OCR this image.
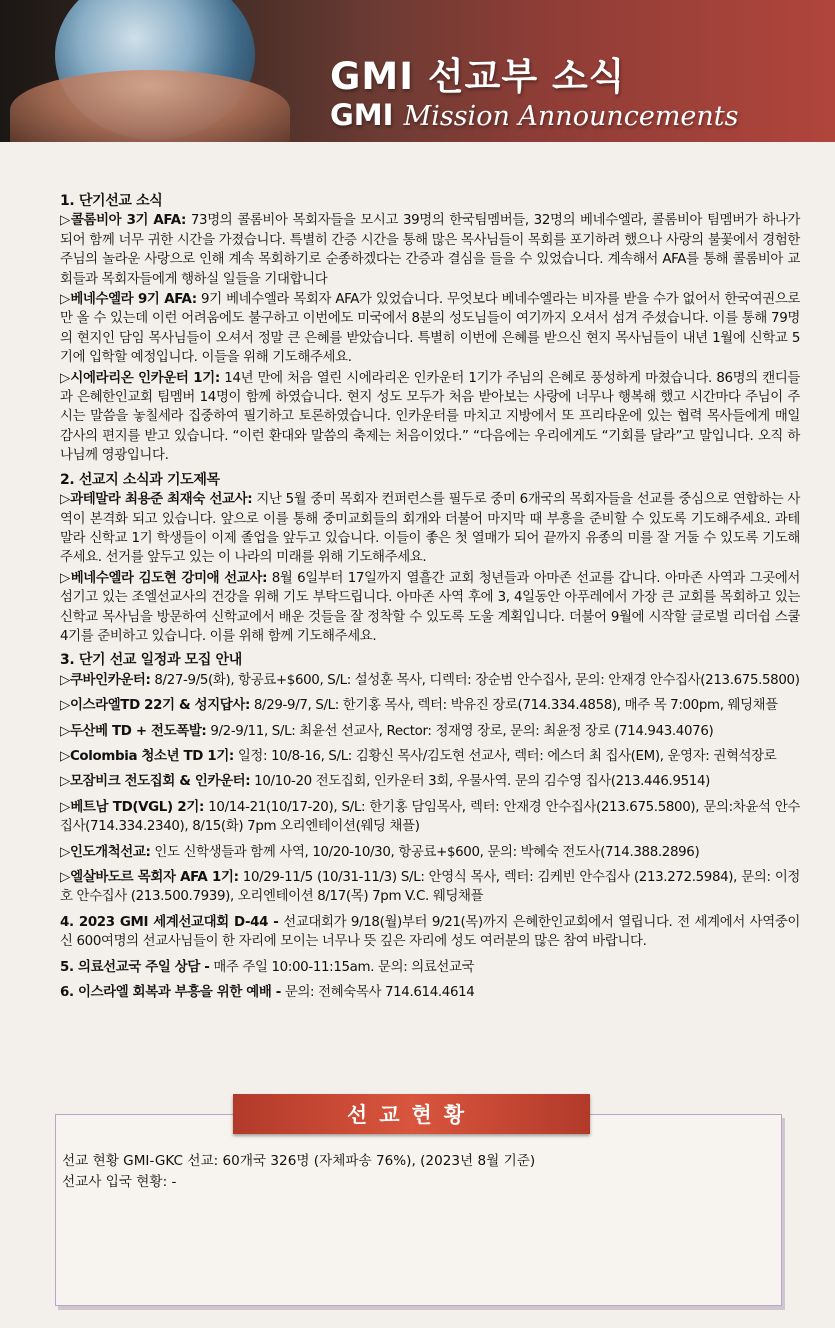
GMI 선교부 소식
GMI Mission Announcements

1. 단기선교 소식

▷콜롬비아 3기 AFA: 73명의 콜롬비아 목회자들을 모시고 39명의 한국팀멤버들, 32명의 베네수엘라, 콜롬비아 팀멤버가 하나가 되어 함께 너무 귀한 시간을 가졌습니다. 특별히 간증 시간을 통해 많은 목사님들이 목회를 포기하려 했으나 사랑의 불꽃에서 경험한 주님의 놀라운 사랑으로 인해 계속 목회하기로 순종하겠다는 간증과 결심을 들을 수 있었습니다. 계속해서 AFA를 통해 콜롬비아 교회들과 목회자들에게 행하실 일들을 기대합니다

▷베네수엘라 9기 AFA: 9기 베네수엘라 목회자 AFA가 있었습니다. 무엇보다 베네수엘라는 비자를 받을 수가 없어서 한국여권으로만 올 수 있는데 이런 어려움에도 불구하고 이번에도 미국에서 8분의 성도님들이 여기까지 오셔서 섬겨 주셨습니다. 이를 통해 79명의 현지인 담임 목사님들이 오셔서 정말 큰 은혜를 받았습니다. 특별히 이번에 은혜를 받으신 현지 목사님들이 내년 1월에 신학교 5기에 입학할 예정입니다. 이들을 위해 기도해주세요.

▷시에라리온 인카운터 1기: 14년 만에 처음 열린 시에라리온 인카운터 1기가 주님의 은혜로 풍성하게 마쳤습니다. 86명의 캔디들과 은혜한인교회 팀멤버 14명이 함께 하였습니다. 현지 성도 모두가 처음 받아보는 사랑에 너무나 행복해 했고 시간마다 주님이 주시는 말씀을 놓칠세라 집중하여 필기하고 토론하였습니다. 인카운터를 마치고 지방에서 또 프리타운에 있는 협력 목사들에게 매일 감사의 편지를 받고 있습니다. “이런 환대와 말씀의 축제는 처음이었다.” “다음에는 우리에게도 “기회를 달라”고 말입니다. 오직 하나님께 영광입니다.

2. 선교지 소식과 기도제목

▷과테말라 최용준 최재숙 선교사: 지난 5월 중미 목회자 컨퍼런스를 필두로 중미 6개국의 목회자들을 선교를 중심으로 연합하는 사역이 본격화 되고 있습니다. 앞으로 이를 통해 중미교회들의 회개와 더불어 마지막 때 부흥을 준비할 수 있도록 기도해주세요. 과테말라 신학교 1기 학생들이 이제 졸업을 앞두고 있습니다. 이들이 좋은 첫 열매가 되어 끝까지 유종의 미를 잘 거둘 수 있도록 기도해 주세요. 선거를 앞두고 있는 이 나라의 미래를 위해 기도해주세요.

▷베네수엘라 김도현 강미애 선교사: 8월 6일부터 17일까지 열흘간 교회 청년들과 아마존 선교를 갑니다. 아마존 사역과 그곳에서 섬기고 있는 조엘선교사의 건강을 위해 기도 부탁드립니다. 아마존 사역 후에 3, 4일동안 아푸레에서 가장 큰 교회를 목회하고 있는 신학교 목사님을 방문하여 신학교에서 배운 것들을 잘 정착할 수 있도록 도울 계획입니다. 더불어 9월에 시작할 글로벌 리더쉽 스쿨 4기를 준비하고 있습니다. 이를 위해 함께 기도해주세요.

3. 단기 선교 일정과 모집 안내

▷쿠바인카운터: 8/27-9/5(화), 항공료+$600, S/L: 설성훈 목사, 디렉터: 장순범 안수집사, 문의: 안재경 안수집사(213.675.5800)

▷이스라엘TD 22기 & 성지답사: 8/29-9/7, S/L: 한기홍 목사, 렉터: 박유진 장로(714.334.4858), 매주 목 7:00pm, 웨딩채플

▷두산베 TD + 전도폭발: 9/2-9/11, S/L: 최윤선 선교사, Rector: 정재영 장로, 문의: 최윤정 장로 (714.943.4076)

▷Colombia 청소년 TD 1기: 일정: 10/8-16, S/L: 김황신 목사/김도현 선교사, 렉터: 에스더 최 집사(EM), 운영자: 권혁석장로

▷모잠비크 전도집회 & 인카운터: 10/10-20 전도집회, 인카운터 3회, 우물사역. 문의 김수영 집사(213.446.9514)

▷베트남 TD(VGL) 2기: 10/14-21(10/17-20), S/L: 한기홍 담임목사, 렉터: 안재경 안수집사(213.675.5800), 문의:차윤석 안수집사(714.334.2340), 8/15(화) 7pm 오리엔테이션(웨딩 채플)

▷인도개척선교: 인도 신학생들과 함께 사역, 10/20-10/30, 항공료+$600, 문의: 박혜숙 전도사(714.388.2896)

▷엘살바도르 목회자 AFA 1기: 10/29-11/5 (10/31-11/3) S/L: 안영식 목사, 렉터: 김케빈 안수집사 (213.272.5984), 문의: 이정호 안수집사 (213.500.7939), 오리엔테이션 8/17(목) 7pm V.C. 웨딩채플

4. 2023 GMI 세계선교대회 D-44 - 선교대회가 9/18(월)부터 9/21(목)까지 은혜한인교회에서 열립니다. 전 세계에서 사역중이신 600여명의 선교사님들이 한 자리에 모이는 너무나 뜻 깊은 자리에 성도 여러분의 많은 참여 바랍니다.

5. 의료선교국 주일 상담 - 매주 주일 10:00-11:15am. 문의: 의료선교국

6. 이스라엘 회복과 부흥을 위한 예배 - 문의: 전혜숙목사 714.614.4614

선교현황
선교 현황 GMI-GKC 선교: 60개국 326명 (자체파송 76%), (2023년 8월 기준)
선교사 입국 현황: -
